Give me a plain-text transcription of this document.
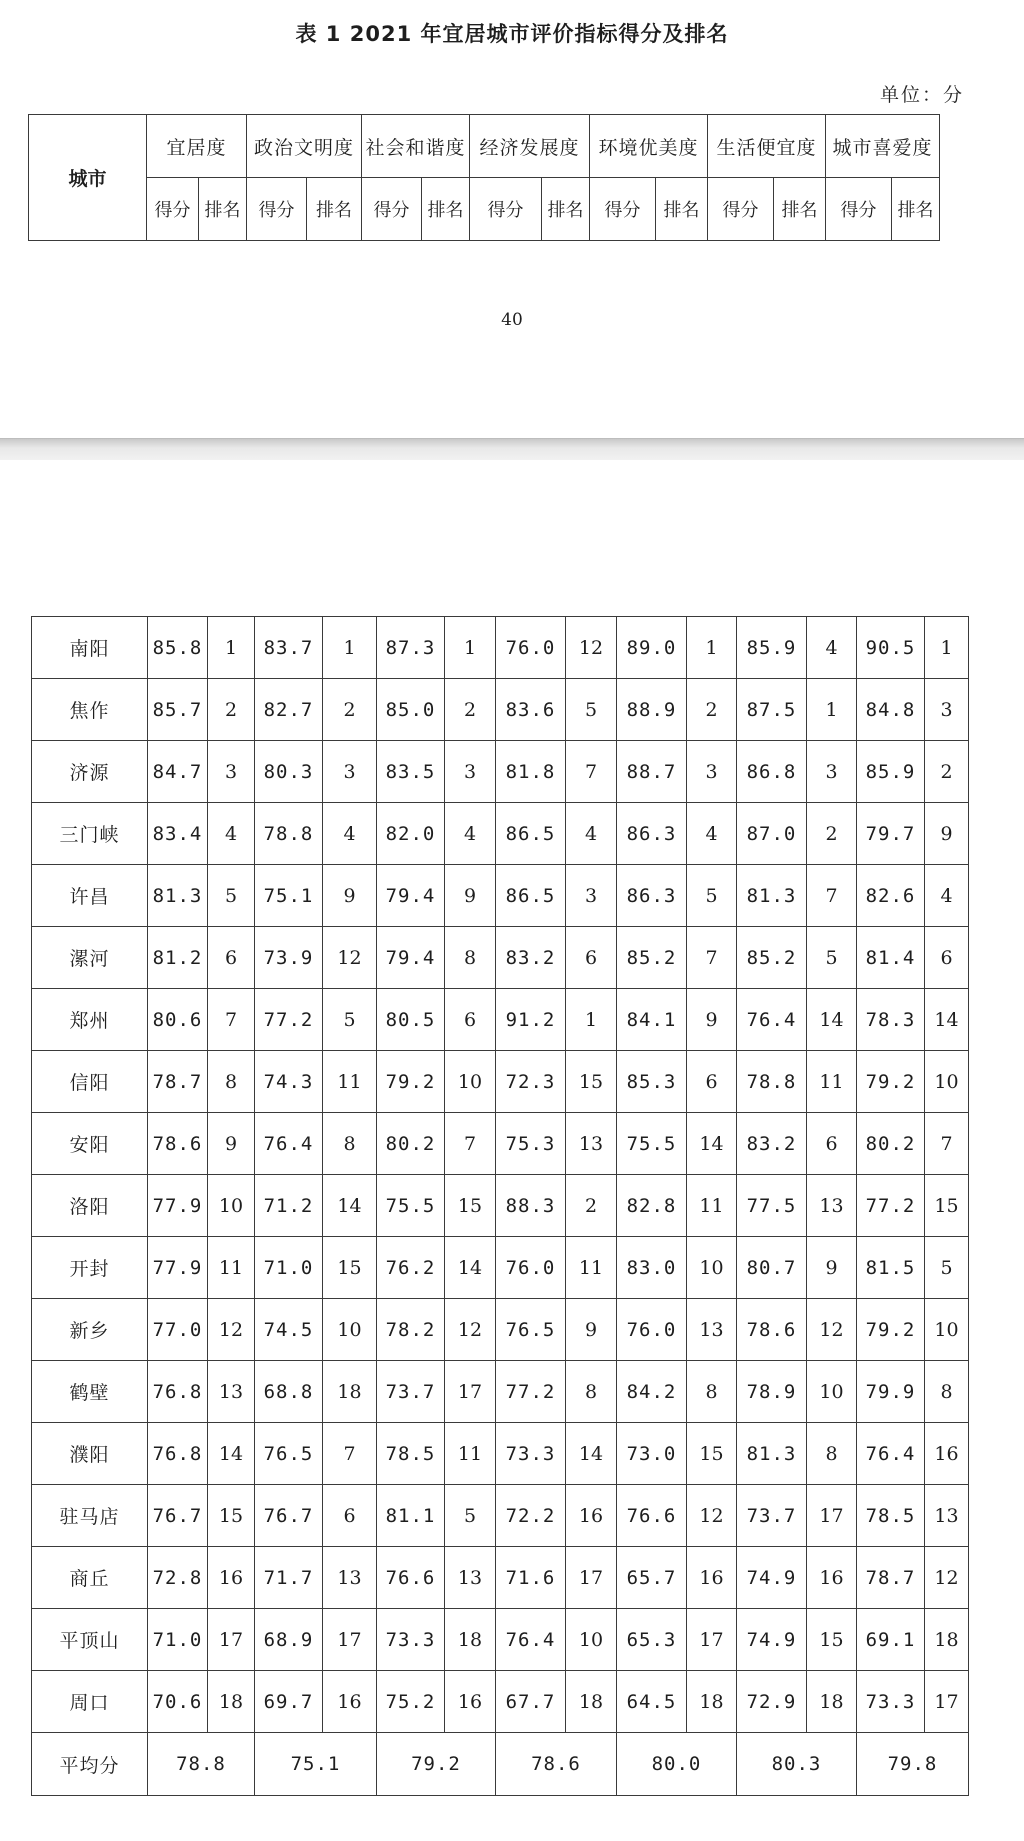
表 1 2021 年宜居城市评价指标得分及排名
单位：分
城市	宜居度		政治文明度		社会和谐度		经济发展度		环境优美度		生活便宜度		城市喜爱度	
	得分	排名	得分	排名	得分	排名	得分	排名	得分	排名	得分	排名	得分	排名
40
南阳	85.8	1	83.7	1	87.3	1	76.0	12	89.0	1	85.9	4	90.5	1
焦作	85.7	2	82.7	2	85.0	2	83.6	5	88.9	2	87.5	1	84.8	3
济源	84.7	3	80.3	3	83.5	3	81.8	7	88.7	3	86.8	3	85.9	2
三门峡	83.4	4	78.8	4	82.0	4	86.5	4	86.3	4	87.0	2	79.7	9
许昌	81.3	5	75.1	9	79.4	9	86.5	3	86.3	5	81.3	7	82.6	4
漯河	81.2	6	73.9	12	79.4	8	83.2	6	85.2	7	85.2	5	81.4	6
郑州	80.6	7	77.2	5	80.5	6	91.2	1	84.1	9	76.4	14	78.3	14
信阳	78.7	8	74.3	11	79.2	10	72.3	15	85.3	6	78.8	11	79.2	10
安阳	78.6	9	76.4	8	80.2	7	75.3	13	75.5	14	83.2	6	80.2	7
洛阳	77.9	10	71.2	14	75.5	15	88.3	2	82.8	11	77.5	13	77.2	15
开封	77.9	11	71.0	15	76.2	14	76.0	11	83.0	10	80.7	9	81.5	5
新乡	77.0	12	74.5	10	78.2	12	76.5	9	76.0	13	78.6	12	79.2	10
鹤壁	76.8	13	68.8	18	73.7	17	77.2	8	84.2	8	78.9	10	79.9	8
濮阳	76.8	14	76.5	7	78.5	11	73.3	14	73.0	15	81.3	8	76.4	16
驻马店	76.7	15	76.7	6	81.1	5	72.2	16	76.6	12	73.7	17	78.5	13
商丘	72.8	16	71.7	13	76.6	13	71.6	17	65.7	16	74.9	16	78.7	12
平顶山	71.0	17	68.9	17	73.3	18	76.4	10	65.3	17	74.9	15	69.1	18
周口	70.6	18	69.7	16	75.2	16	67.7	18	64.5	18	72.9	18	73.3	17
平均分	78.8		75.1		79.2		78.6		80.0		80.3		79.8	
